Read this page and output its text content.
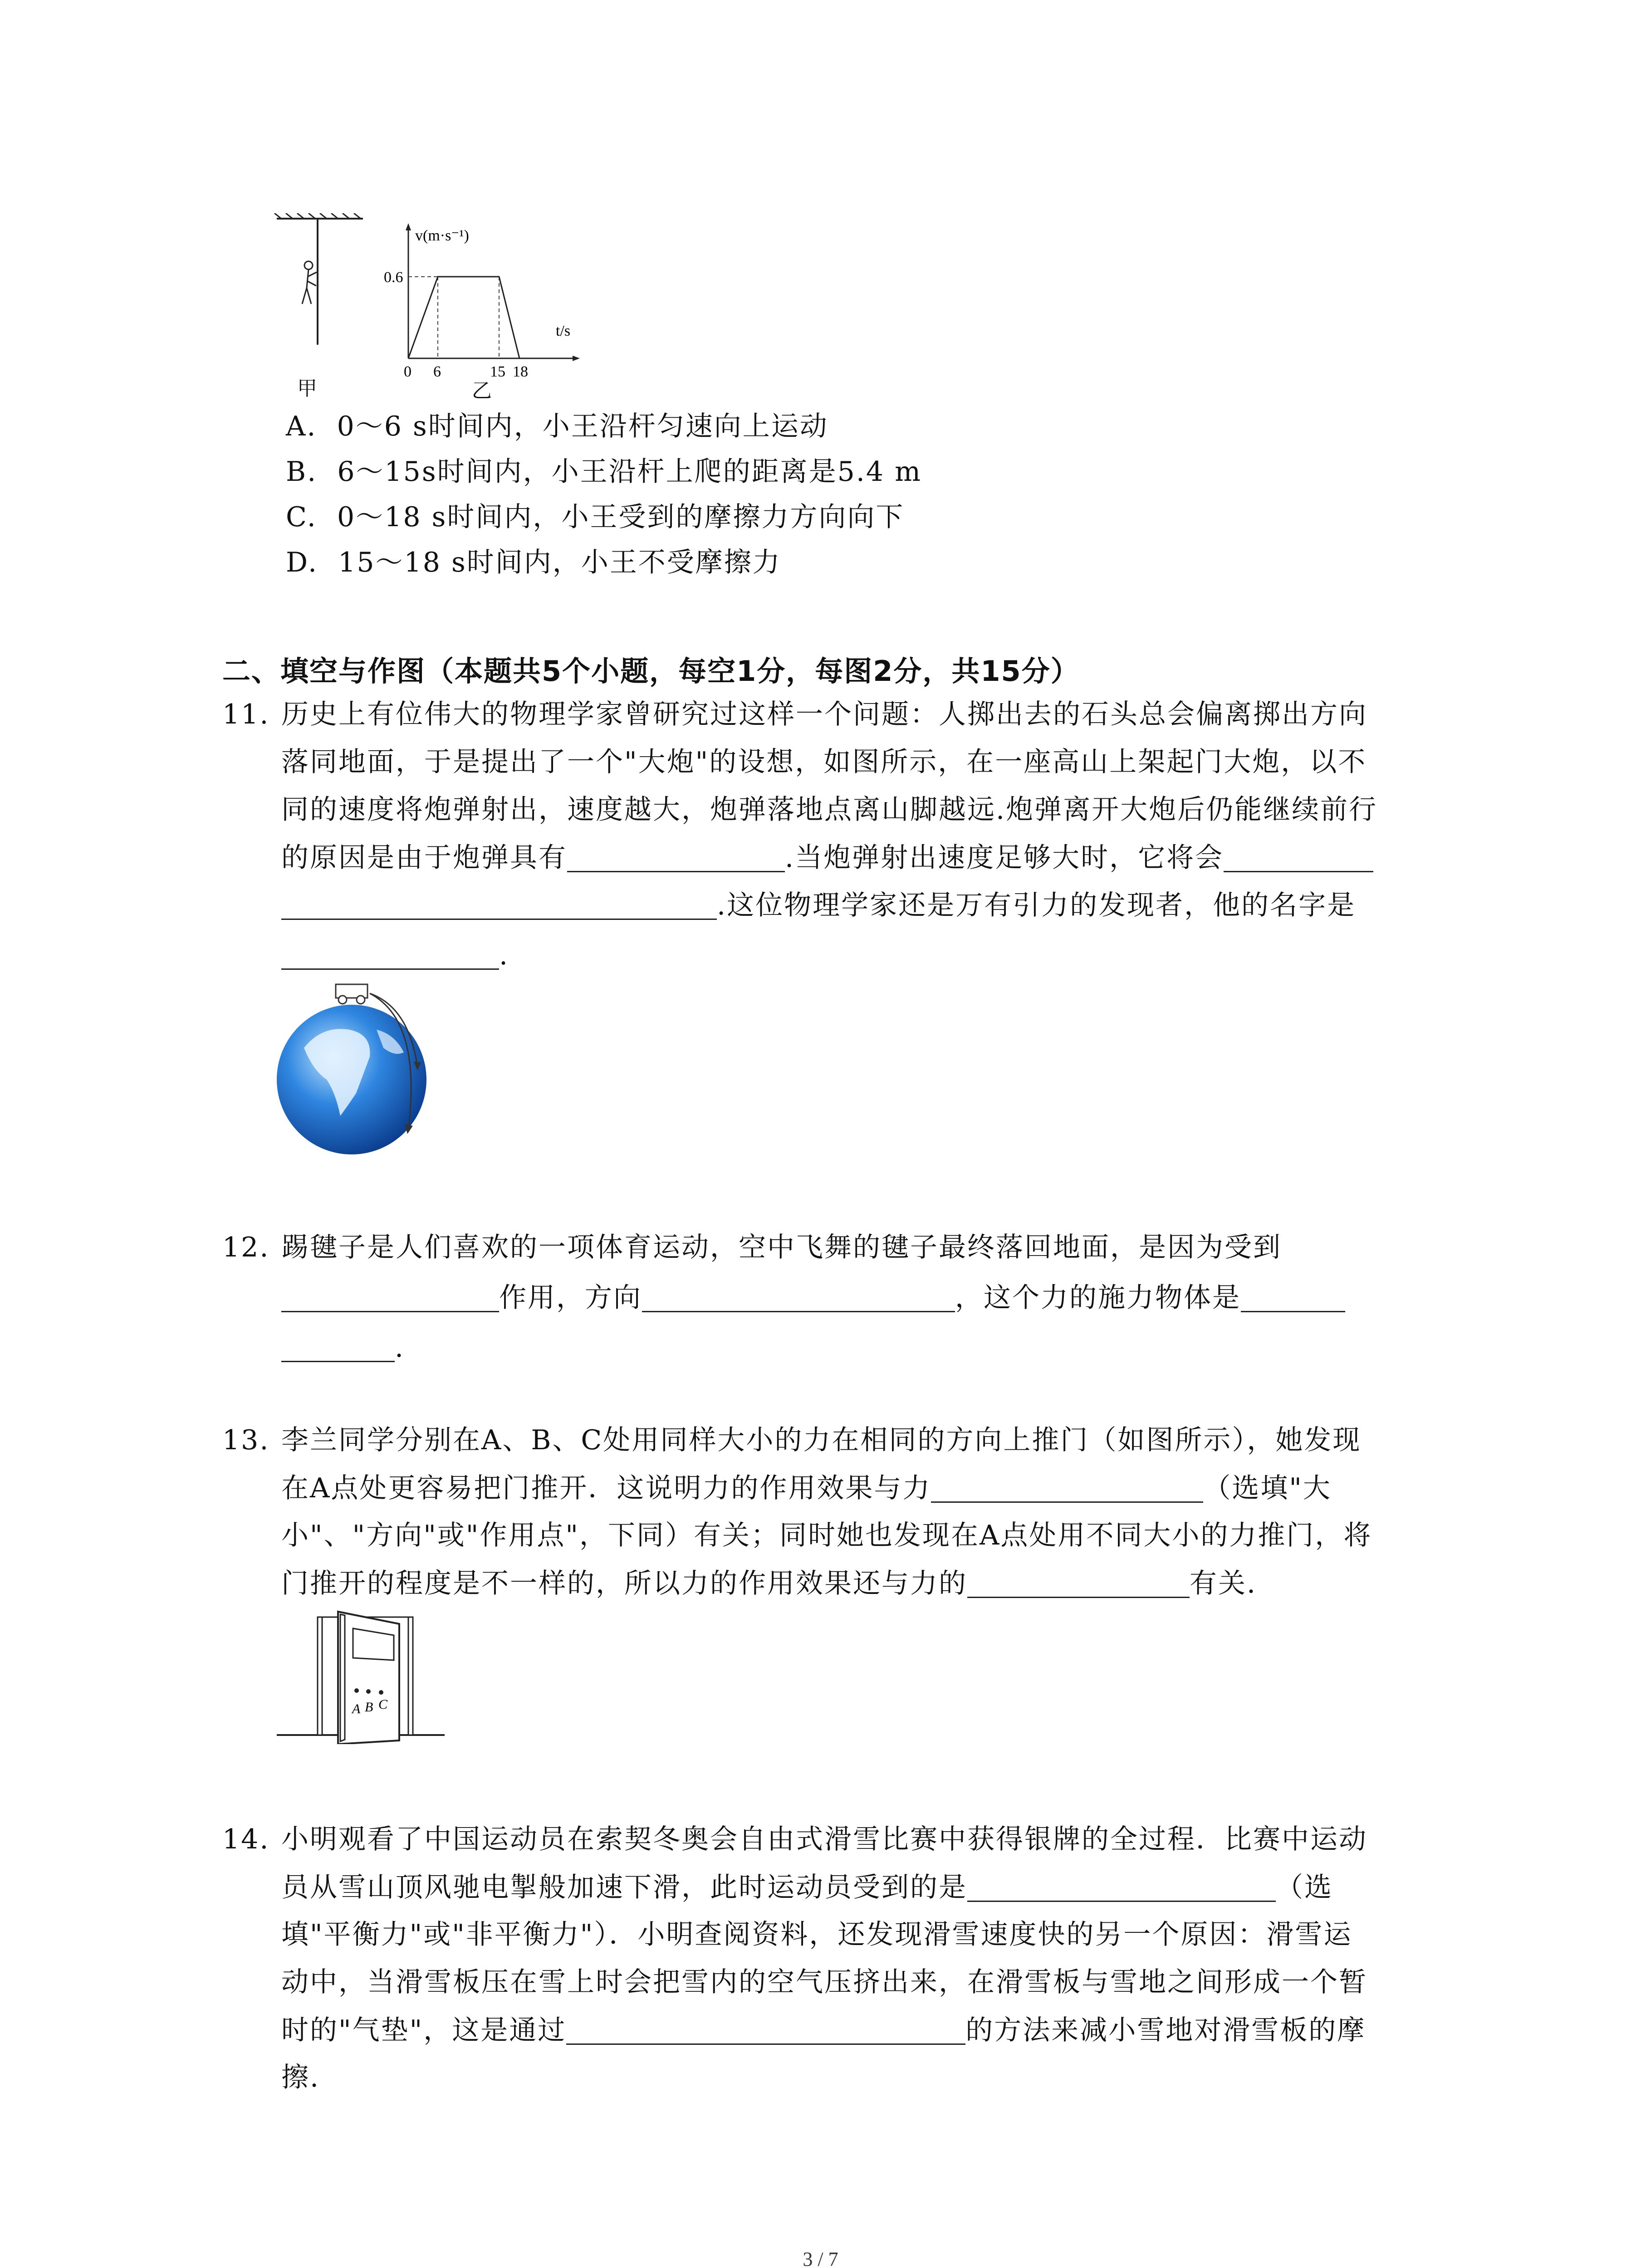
甲
v(m·s⁻¹)
0.6
t/s
0 6	15 18
乙
A. 0～6 s时间内，小王沿杆匀速向上运动
B. 6～15s时间内，小王沿杆上爬的距离是5.4 m
C. 0～18 s时间内，小王受到的摩擦力方向向下
D. 15～18 s时间内，小王不受摩擦力
二、填空与作图（本题共5个小题，每空1分，每图2分，共15分）
11. 历史上有位伟大的物理学家曾研究过这样一个问题：人掷出去的石头总会偏离掷出方向
落同地面，于是提出了一个"大炮"的设想，如图所示，在一座高山上架起门大炮，以不
同的速度将炮弹射出，速度越大，炮弹落地点离山脚越远.炮弹离开大炮后仍能继续前行
的原因是由于炮弹具有	.当炮弹射出速度足够大时，它将会
.这位物理学家还是万有引力的发现者，他的名字是
.
12. 踢毽子是人们喜欢的一项体育运动，空中飞舞的毽子最终落回地面，是因为受到
作用，方向	，这个力的施力物体是
.
13. 李兰同学分别在A、B、C处用同样大小的力在相同的方向上推门（如图所示），她发现
在A点处更容易把门推开．这说明力的作用效果与力	（选填"大
小"、"方向"或"作用点"，下同）有关；同时她也发现在A点处用不同大小的力推门，将
门推开的程度是不一样的，所以力的作用效果还与力的	有关.
A B C
14. 小明观看了中国运动员在索契冬奥会自由式滑雪比赛中获得银牌的全过程．比赛中运动
员从雪山顶风驰电掣般加速下滑，此时运动员受到的是	（选
填"平衡力"或"非平衡力"）．小明查阅资料，还发现滑雪速度快的另一个原因：滑雪运
动中，当滑雪板压在雪上时会把雪内的空气压挤出来，在滑雪板与雪地之间形成一个暂
时的"气垫"，这是通过	的方法来减小雪地对滑雪板的摩
擦.
3 / 7
